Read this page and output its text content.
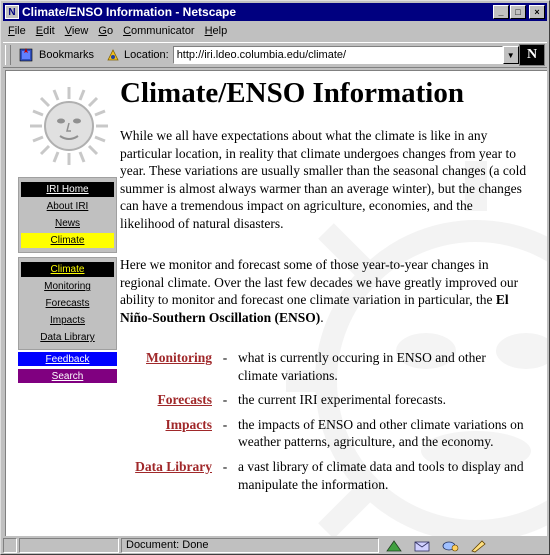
N Climate/ENSO Information - Netscape	_	□	×
File Edit View Go Communicator Help
Bookmarks	Location: http://iri.ldeo.columbia.edu/climate/	▼ N
IRI Home
About IRI
News
Climate
Climate
Monitoring
Forecasts
Impacts
Data Library
Feedback
Search
Climate/ENSO Information
While we all have expectations about what the climate is like in any particular location, in reality that climate undergoes changes from year to year. These variations are usually smaller than the seasonal changes (a cold summer is almost always warmer than an average winter), but the changes can have a tremendous impact on agriculture, economies, and the likelihood of natural disasters.
Here we monitor and forecast some of those year-to-year changes in regional climate. Over the last few decades we have greatly improved our ability to monitor and forecast one climate variation in particular, the El Niño-Southern Oscillation (ENSO).
Monitoring - what is currently occuring in ENSO and other climate variations.
Forecasts - the current IRI experimental forecasts.
Impacts - the impacts of ENSO and other climate variations on weather patterns, agriculture, and the economy.
Data Library - a vast library of climate data and tools to display and manipulate the information.
Document: Done
